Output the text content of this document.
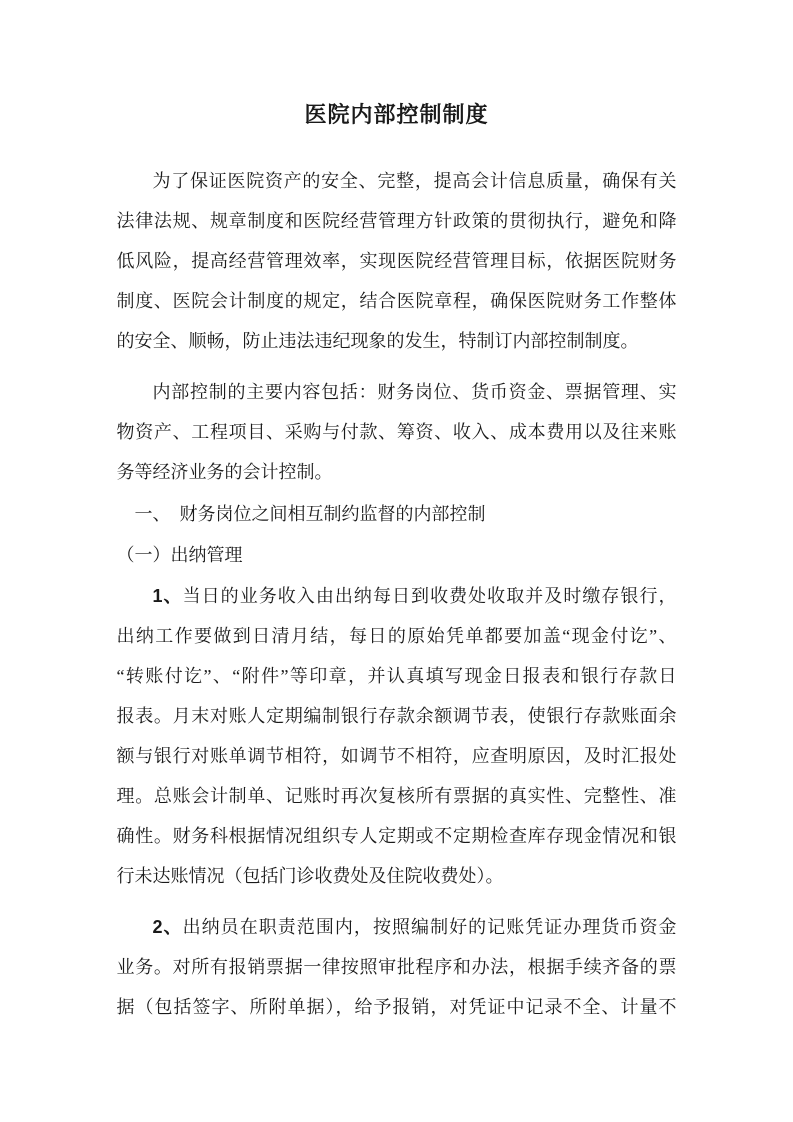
医院内部控制制度
为了保证医院资产的安全、完整，提高会计信息质量，确保有关
法律法规、规章制度和医院经营管理方针政策的贯彻执行，避免和降
低风险，提高经营管理效率，实现医院经营管理目标，依据医院财务
制度、医院会计制度的规定，结合医院章程，确保医院财务工作整体
的安全、顺畅，防止违法违纪现象的发生，特制订内部控制制度。
内部控制的主要内容包括：财务岗位、货币资金、票据管理、实
物资产、工程项目、采购与付款、筹资、收入、成本费用以及往来账
务等经济业务的会计控制。
一、　财务岗位之间相互制约监督的内部控制
（一）出纳管理
1、当日的业务收入由出纳每日到收费处收取并及时缴存银行，
出纳工作要做到日清月结，每日的原始凭单都要加盖“现金付讫”、
“转账付讫”、“附件”等印章，并认真填写现金日报表和银行存款日
报表。月末对账人定期编制银行存款余额调节表，使银行存款账面余
额与银行对账单调节相符，如调节不相符，应查明原因，及时汇报处
理。总账会计制单、记账时再次复核所有票据的真实性、完整性、准
确性。财务科根据情况组织专人定期或不定期检查库存现金情况和银
行未达账情况（包括门诊收费处及住院收费处）。
2、出纳员在职责范围内，按照编制好的记账凭证办理货币资金
业务。对所有报销票据一律按照审批程序和办法，根据手续齐备的票
据（包括签字、所附单据），给予报销，对凭证中记录不全、计量不
